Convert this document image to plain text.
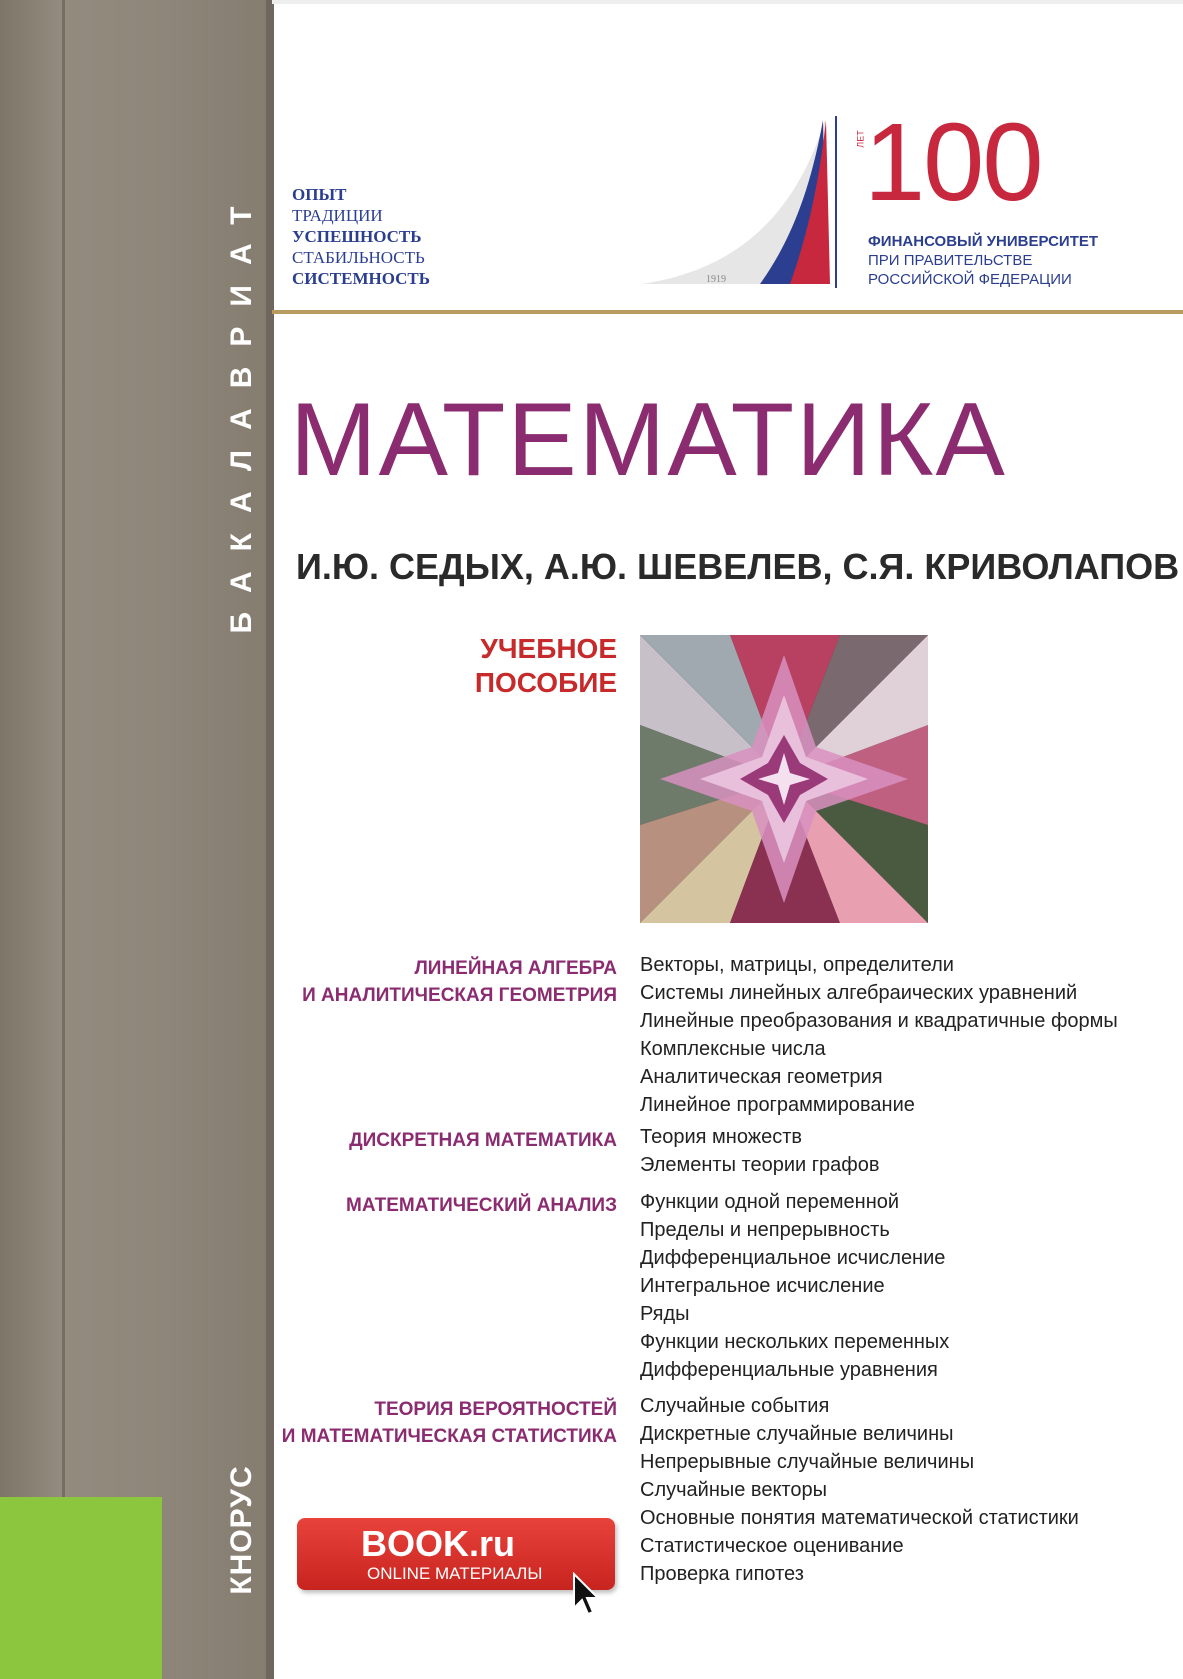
БАКАЛАВРИАТ
КНОРУС
ОПЫТ
ТРАДИЦИИ
УСПЕШНОСТЬ
СТАБИЛЬНОСТЬ
СИСТЕМНОСТЬ	1919
ЛЕТ
100
ФИНАНСОВЫЙ УНИВЕРСИТЕТ
ПРИ ПРАВИТЕЛЬСТВЕ
РОССИЙСКОЙ ФЕДЕРАЦИИ
МАТЕМАТИКА
И.Ю. СЕДЫХ, А.Ю. ШЕВЕЛЕВ, С.Я. КРИВОЛАПОВ
УЧЕБНОЕ
ПОСОБИЕ
ЛИНЕЙНАЯ АЛГЕБРА
И АНАЛИТИЧЕСКАЯ ГЕОМЕТРИЯ
Векторы, матрицы, определители
Системы линейных алгебраических уравнений
Линейные преобразования и квадратичные формы
Комплексные числа
Аналитическая геометрия
Линейное программирование
ДИСКРЕТНАЯ МАТЕМАТИКА Теория множеств
Элементы теории графов
МАТЕМАТИЧЕСКИЙ АНАЛИЗ Функции одной переменной
Пределы и непрерывность
Дифференциальное исчисление
Интегральное исчисление
Ряды
Функции нескольких переменных
Дифференциальные уравнения
ТЕОРИЯ ВЕРОЯТНОСТЕЙ
И МАТЕМАТИЧЕСКАЯ СТАТИСТИКА
Случайные события
Дискретные случайные величины
Непрерывные случайные величины
Случайные векторы
Основные понятия математической статистики
Статистическое оценивание
Проверка гипотез
BOOK.ru
ONLINE МАТЕРИАЛЫ
